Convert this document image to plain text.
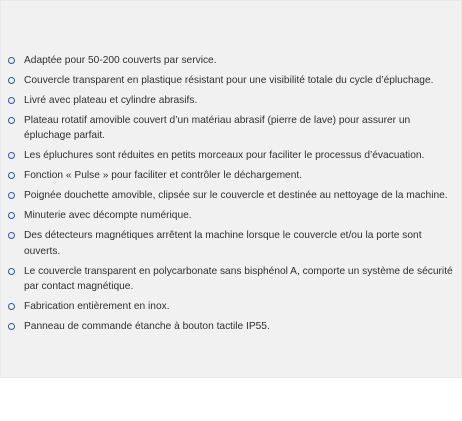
Adaptée pour 50-200 couverts par service.
Couvercle transparent en plastique résistant pour une visibilité totale du cycle d’épluchage.
Livré avec plateau et cylindre abrasifs.
Plateau rotatif amovible couvert d’un matériau abrasif (pierre de lave) pour assurer un épluchage parfait.
Les épluchures sont réduites en petits morceaux pour faciliter le processus d’évacuation.
Fonction « Pulse » pour faciliter et contrôler le déchargement.
Poignée douchette amovible, clipsée sur le couvercle et destinée au nettoyage de la machine.
Minuterie avec décompte numérique.
Des détecteurs magnétiques arrêtent la machine lorsque le couvercle et/ou la porte sont ouverts.
Le couvercle transparent en polycarbonate sans bisphénol A, comporte un système de sécurité par contact magnétique.
Fabrication entièrement en inox.
Panneau de commande étanche à bouton tactile IP55.
